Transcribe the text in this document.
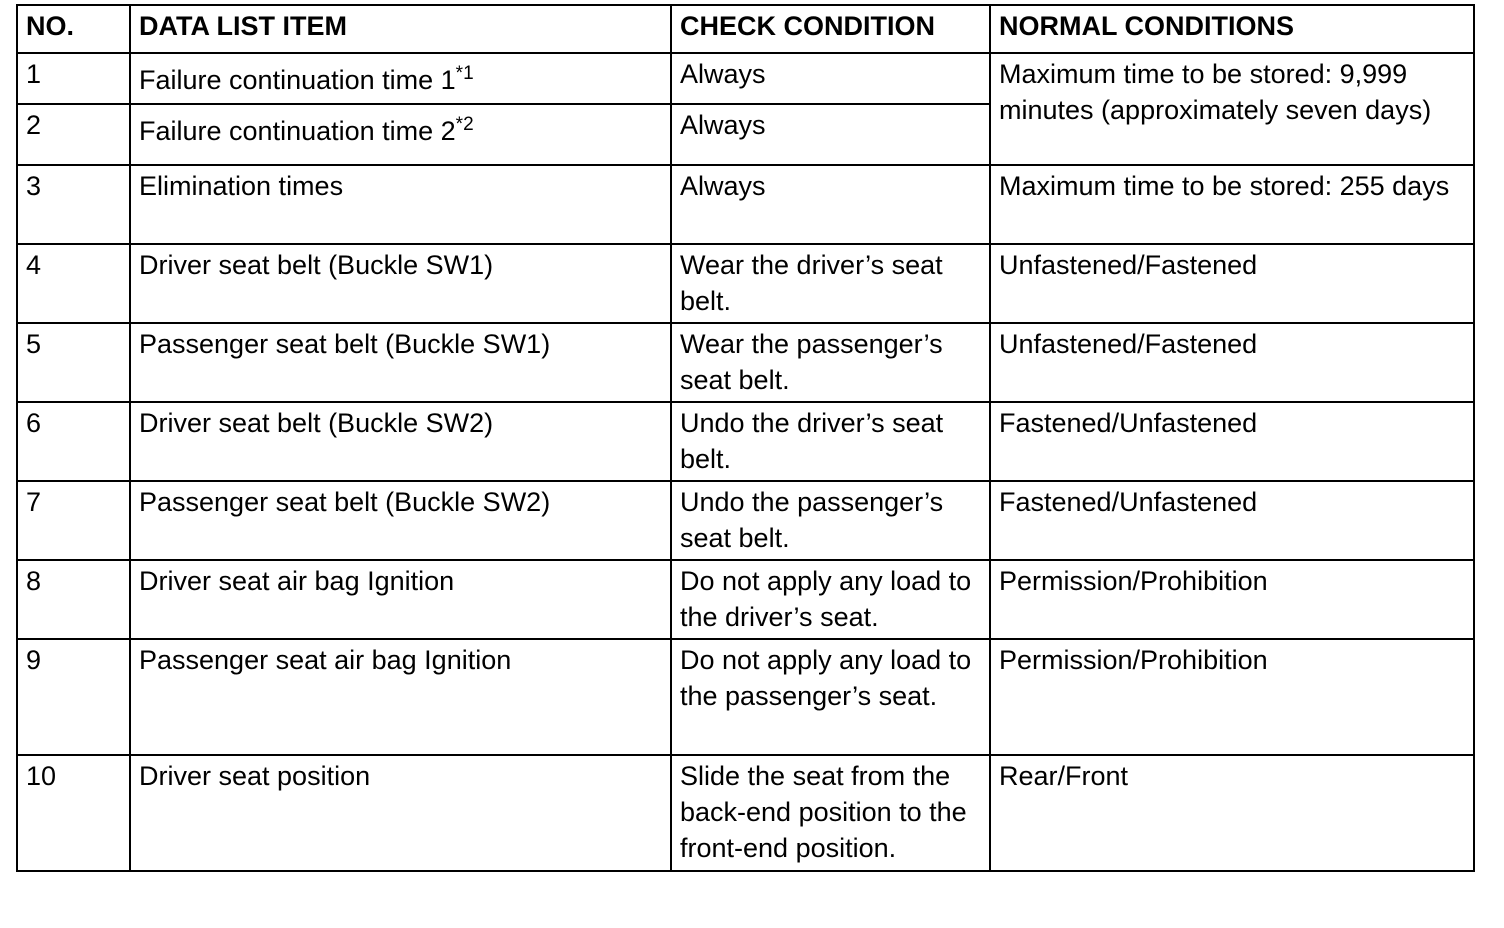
NO.	DATA LIST ITEM	CHECK CONDITION	NORMAL CONDITIONS
1	Failure continuation time 1$^{*1}$	Always	Maximum time to be stored: 9,999 minutes (approximately seven days)
2	Failure continuation time 2$^{*2}$	Always	
3	Elimination times	Always	Maximum time to be stored: 255 days
4	Driver seat belt (Buckle SW1)	Wear the driver’s seat belt.	Unfastened/Fastened
5	Passenger seat belt (Buckle SW1)	Wear the passenger’s seat belt.	Unfastened/Fastened
6	Driver seat belt (Buckle SW2)	Undo the driver’s seat belt.	Fastened/Unfastened
7	Passenger seat belt (Buckle SW2)	Undo the passenger’s seat belt.	Fastened/Unfastened
8	Driver seat air bag Ignition	Do not apply any load to the driver’s seat.	Permission/Prohibition
9	Passenger seat air bag Ignition	Do not apply any load to the passenger’s seat.	Permission/Prohibition
10	Driver seat position	Slide the seat from the back-end position to the front-end position.	Rear/Front
